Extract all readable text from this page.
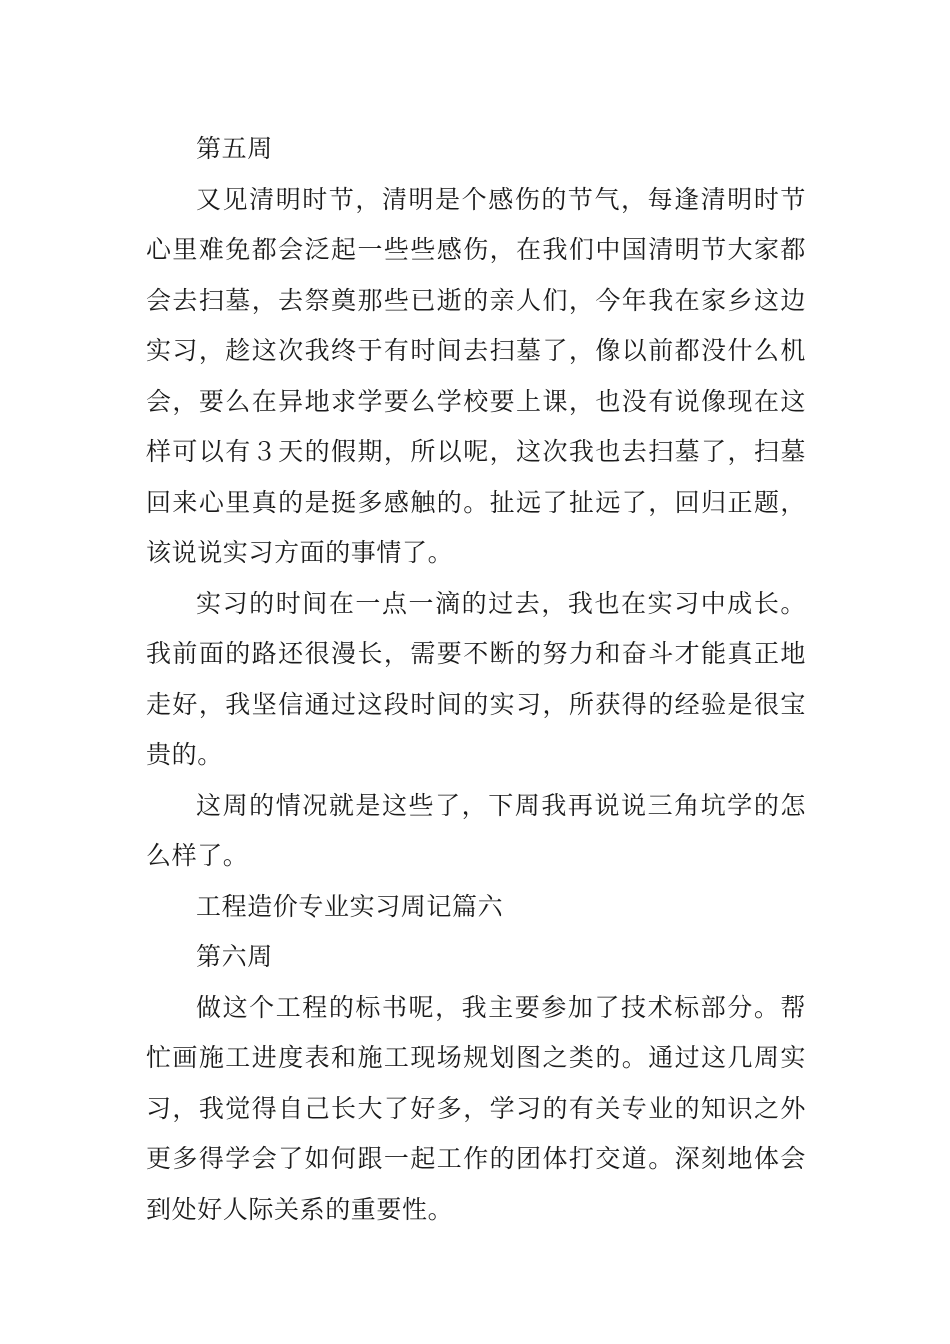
第五周

又见清明时节，清明是个感伤的节气，每逢清明时节心里难免都会泛起一些些感伤，在我们中国清明节大家都会去扫墓，去祭奠那些已逝的亲人们，今年我在家乡这边实习，趁这次我终于有时间去扫墓了，像以前都没什么机会，要么在异地求学要么学校要上课，也没有说像现在这样可以有３天的假期，所以呢，这次我也去扫墓了，扫墓回来心里真的是挺多感触的。扯远了扯远了，回归正题，该说说实习方面的事情了。

实习的时间在一点一滴的过去，我也在实习中成长。我前面的路还很漫长，需要不断的努力和奋斗才能真正地走好，我坚信通过这段时间的实习，所获得的经验是很宝贵的。

这周的情况就是这些了，下周我再说说三角坑学的怎么样了。

工程造价专业实习周记篇六

第六周

做这个工程的标书呢，我主要参加了技术标部分。帮忙画施工进度表和施工现场规划图之类的。通过这几周实习，我觉得自己长大了好多，学习的有关专业的知识之外更多得学会了如何跟一起工作的团体打交道。深刻地体会到处好人际关系的重要性。
